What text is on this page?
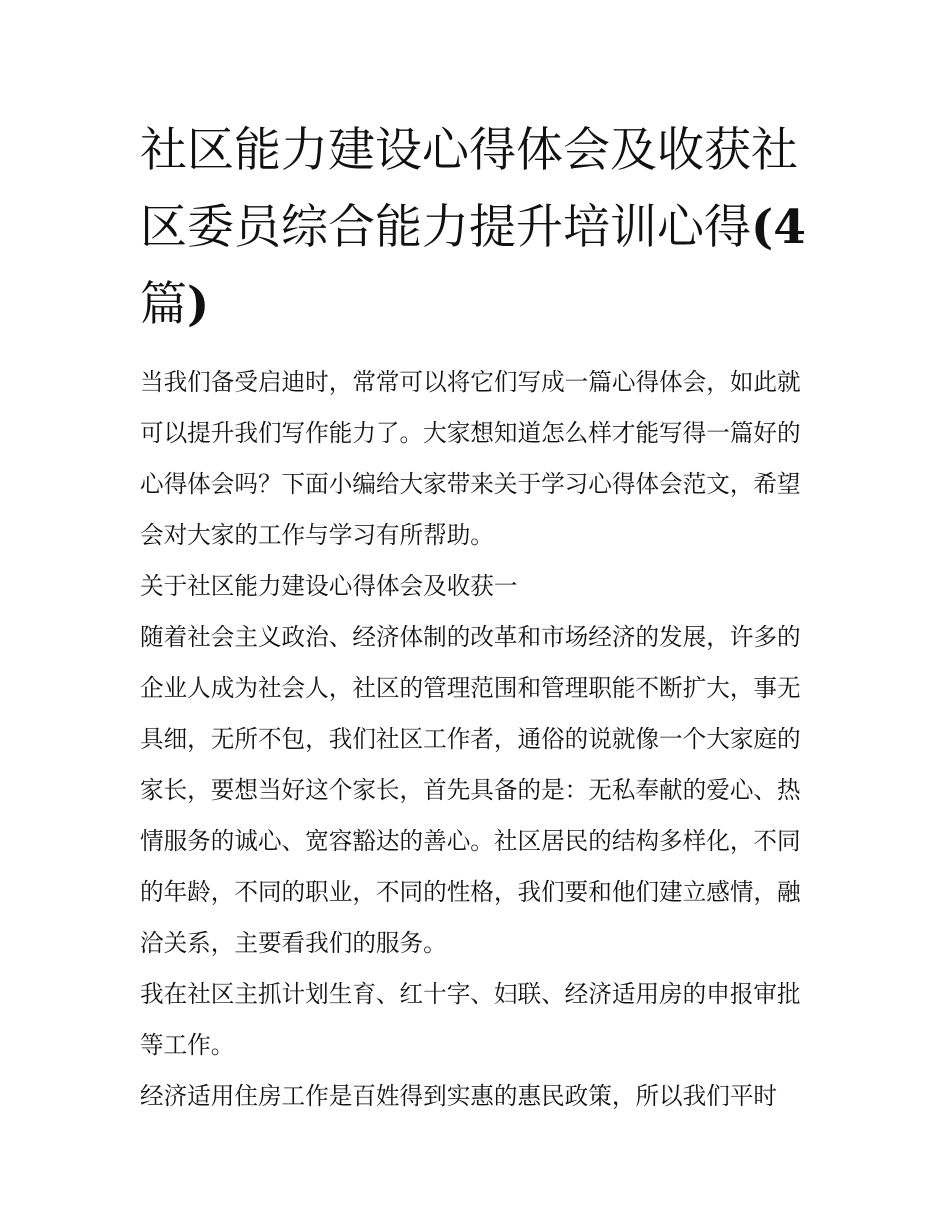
社区能力建设心得体会及收获社区委员综合能力提升培训心得(4 篇)

当我们备受启迪时，常常可以将它们写成一篇心得体会，如此就可以提升我们写作能力了。大家想知道怎么样才能写得一篇好的心得体会吗？下面小编给大家带来关于学习心得体会范文，希望会对大家的工作与学习有所帮助。

关于社区能力建设心得体会及收获一

随着社会主义政治、经济体制的改革和市场经济的发展，许多的企业人成为社会人，社区的管理范围和管理职能不断扩大，事无具细，无所不包，我们社区工作者，通俗的说就像一个大家庭的家长，要想当好这个家长，首先具备的是：无私奉献的爱心、热情服务的诚心、宽容豁达的善心。社区居民的结构多样化，不同的年龄，不同的职业，不同的性格，我们要和他们建立感情，融洽关系，主要看我们的服务。

我在社区主抓计划生育、红十字、妇联、经济适用房的申报审批等工作。

经济适用住房工作是百姓得到实惠的惠民政策，所以我们平时
